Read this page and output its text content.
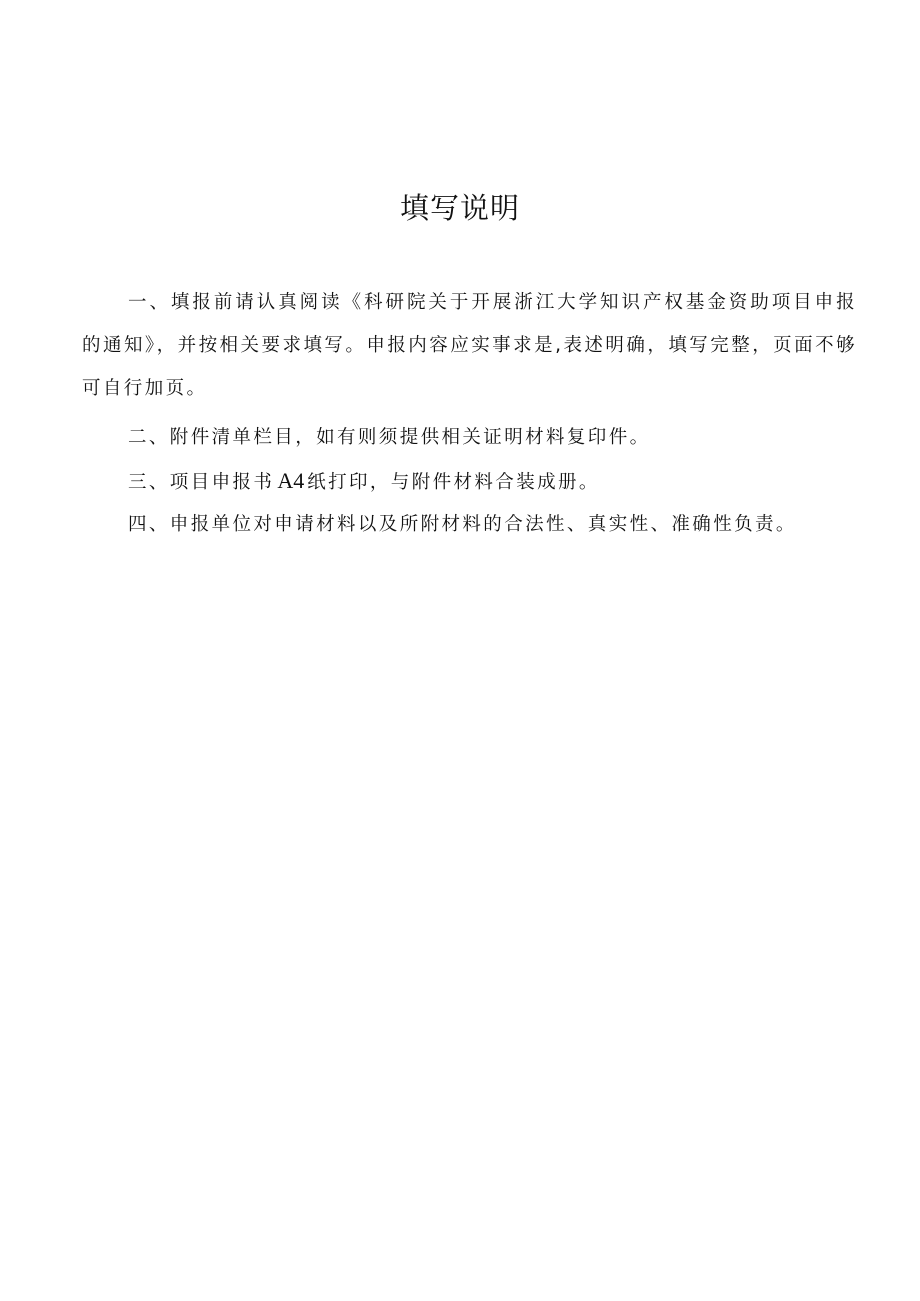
填写说明
一、填报前请认真阅读《科研院关于开展浙江大学知识产权基金资助项目申报的通知》，并按相关要求填写。申报内容应实事求是,表述明确，填写完整，页面不够可自行加页。
二、附件清单栏目，如有则须提供相关证明材料复印件。
三、项目申报书 A4 纸打印，与附件材料合装成册。
四、申报单位对申请材料以及所附材料的合法性、真实性、准确性负责。
